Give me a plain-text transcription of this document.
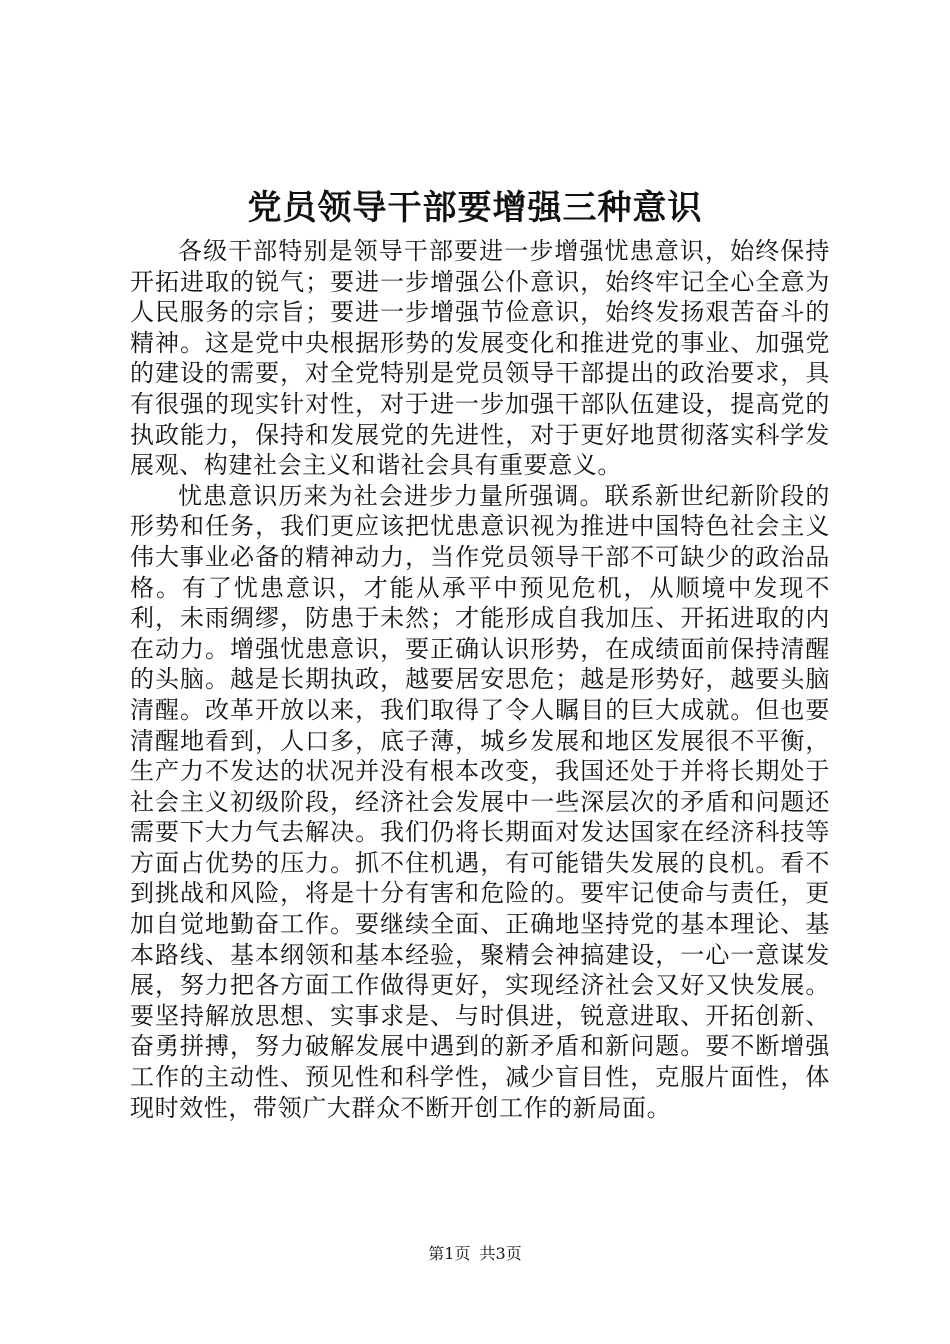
党员领导干部要增强三种意识

各级干部特别是领导干部要进一步增强忧患意识，始终保持开拓进取的锐气；要进一步增强公仆意识，始终牢记全心全意为人民服务的宗旨；要进一步增强节俭意识，始终发扬艰苦奋斗的精神。这是党中央根据形势的发展变化和推进党的事业、加强党的建设的需要，对全党特别是党员领导干部提出的政治要求，具有很强的现实针对性，对于进一步加强干部队伍建设，提高党的执政能力，保持和发展党的先进性，对于更好地贯彻落实科学发展观、构建社会主义和谐社会具有重要意义。

忧患意识历来为社会进步力量所强调。联系新世纪新阶段的形势和任务，我们更应该把忧患意识视为推进中国特色社会主义伟大事业必备的精神动力，当作党员领导干部不可缺少的政治品格。有了忧患意识，才能从承平中预见危机，从顺境中发现不利，未雨绸缪，防患于未然；才能形成自我加压、开拓进取的内在动力。增强忧患意识，要正确认识形势，在成绩面前保持清醒的头脑。越是长期执政，越要居安思危；越是形势好，越要头脑清醒。改革开放以来，我们取得了令人瞩目的巨大成就。但也要清醒地看到，人口多，底子薄，城乡发展和地区发展很不平衡，生产力不发达的状况并没有根本改变，我国还处于并将长期处于社会主义初级阶段，经济社会发展中一些深层次的矛盾和问题还需要下大力气去解决。我们仍将长期面对发达国家在经济科技等方面占优势的压力。抓不住机遇，有可能错失发展的良机。看不到挑战和风险，将是十分有害和危险的。要牢记使命与责任，更加自觉地勤奋工作。要继续全面、正确地坚持党的基本理论、基本路线、基本纲领和基本经验，聚精会神搞建设，一心一意谋发展，努力把各方面工作做得更好，实现经济社会又好又快发展。要坚持解放思想、实事求是、与时俱进，锐意进取、开拓创新、奋勇拼搏，努力破解发展中遇到的新矛盾和新问题。要不断增强工作的主动性、预见性和科学性，减少盲目性，克服片面性，体现时效性，带领广大群众不断开创工作的新局面。

第1页 共3页
